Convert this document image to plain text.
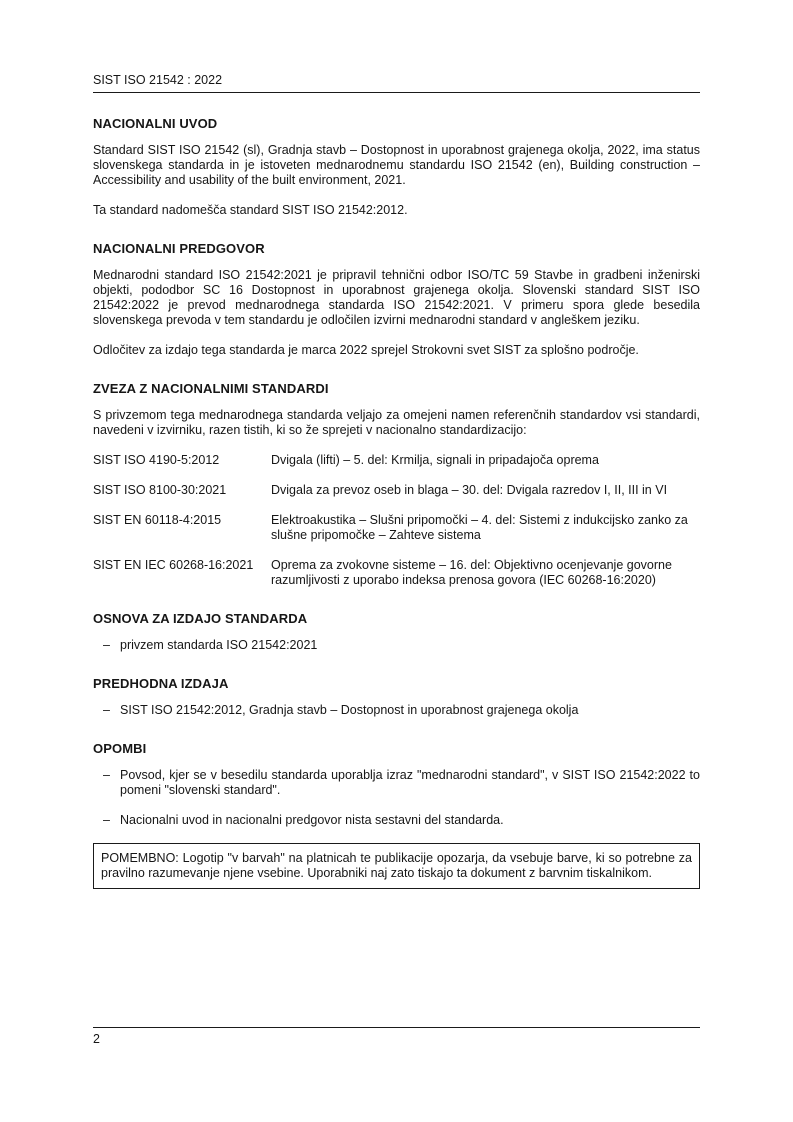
SIST ISO 21542 : 2022
NACIONALNI UVOD

Standard SIST ISO 21542 (sl), Gradnja stavb – Dostopnost in uporabnost grajenega okolja, 2022, ima status slovenskega standarda in je istoveten mednarodnemu standardu ISO 21542 (en), Building construction – Accessibility and usability of the built environment, 2021.

Ta standard nadomešča standard SIST ISO 21542:2012.

NACIONALNI PREDGOVOR

Mednarodni standard ISO 21542:2021 je pripravil tehnični odbor ISO/TC 59 Stavbe in gradbeni inženirski objekti, pododbor SC 16 Dostopnost in uporabnost grajenega okolja. Slovenski standard SIST ISO 21542:2022 je prevod mednarodnega standarda ISO 21542:2021. V primeru spora glede besedila slovenskega prevoda v tem standardu je odločilen izvirni mednarodni standard v angleškem jeziku.

Odločitev za izdajo tega standarda je marca 2022 sprejel Strokovni svet SIST za splošno področje.

ZVEZA Z NACIONALNIMI STANDARDI

S privzemom tega mednarodnega standarda veljajo za omejeni namen referenčnih standardov vsi standardi, navedeni v izvirniku, razen tistih, ki so že sprejeti v nacionalno standardizacijo:

SIST ISO 4190-5:2012	Dvigala (lifti) – 5. del: Krmilja, signali in pripadajoča oprema
SIST ISO 8100-30:2021	Dvigala za prevoz oseb in blaga – 30. del: Dvigala razredov I, II, III in VI
SIST EN 60118-4:2015	Elektroakustika – Slušni pripomočki – 4. del: Sistemi z indukcijsko zanko za slušne pripomočke – Zahteve sistema
SIST EN IEC 60268-16:2021	Oprema za zvokovne sisteme – 16. del: Objektivno ocenjevanje govorne razumljivosti z uporabo indeksa prenosa govora (IEC 60268-16:2020)
OSNOVA ZA IZDAJO STANDARDA
– privzem standarda ISO 21542:2021
PREDHODNA IZDAJA
– SIST ISO 21542:2012, Gradnja stavb – Dostopnost in uporabnost grajenega okolja
OPOMBI
– Povsod, kjer se v besedilu standarda uporablja izraz "mednarodni standard", v SIST ISO 21542:2022 to pomeni "slovenski standard".
– Nacionalni uvod in nacionalni predgovor nista sestavni del standarda.

POMEMBNO: Logotip "v barvah" na platnicah te publikacije opozarja, da vsebuje barve, ki so potrebne za pravilno razumevanje njene vsebine. Uporabniki naj zato tiskajo ta dokument z barvnim tiskalnikom.

2
